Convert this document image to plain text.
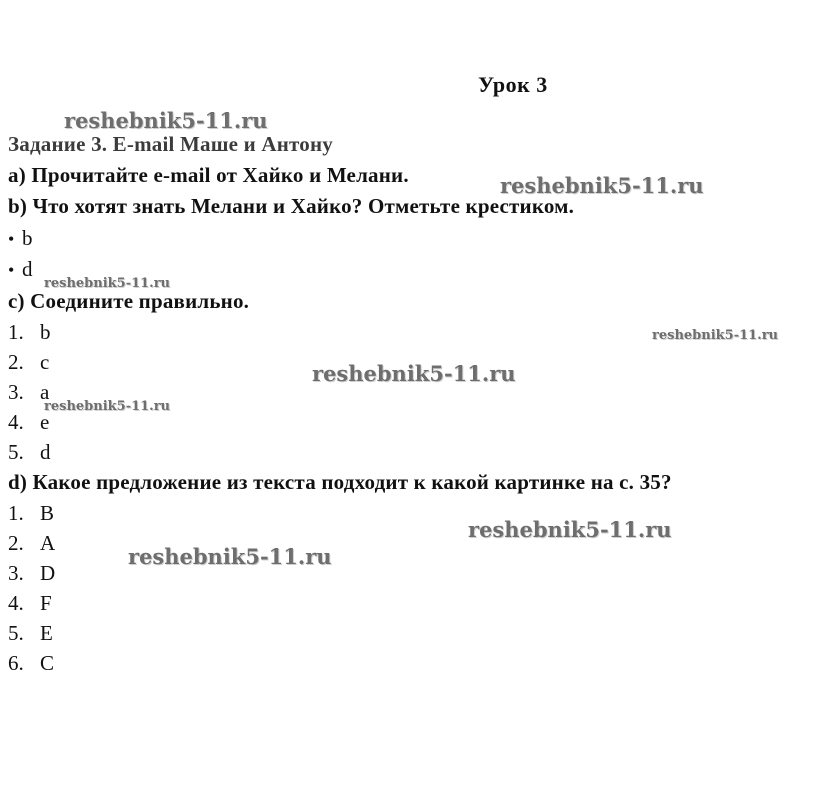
Урок 3
Задание 3. E-mail Маше и Антону
a) Прочитайте e-mail от Хайко и Мелани.
b) Что хотят знать Мелани и Хайко? Отметьте крестиком.
• b
• d
c) Соедините правильно.
1. b
2. c
3. a
4. e
5. d
d) Какое предложение из текста подходит к какой картинке на с. 35?
1. B
2. A
3. D
4. F
5. E
6. C
reshebnik5-11.ru
reshebnik5-11.ru
reshebnik5-11.ru
reshebnik5-11.ru
reshebnik5-11.ru
reshebnik5-11.ru
reshebnik5-11.ru
reshebnik5-11.ru
